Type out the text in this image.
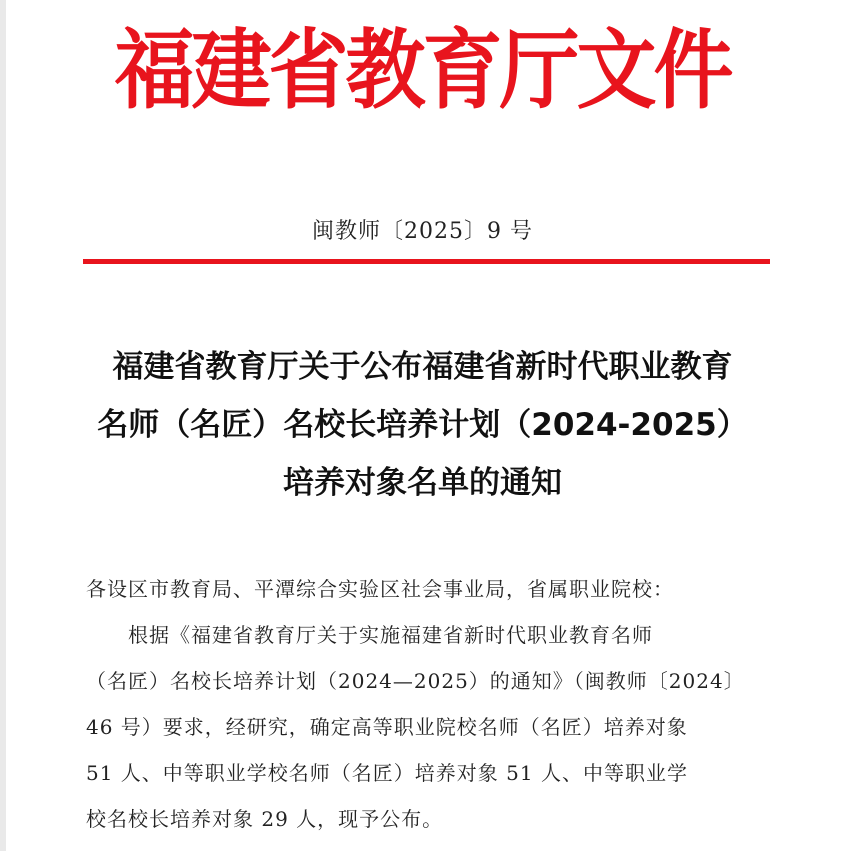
福建省教育厅文件
闽教师〔2025〕9 号
福建省教育厅关于公布福建省新时代职业教育
名师（名匠）名校长培养计划（2024-2025）
培养对象名单的通知
各设区市教育局、平潭综合实验区社会事业局，省属职业院校：
根据《福建省教育厅关于实施福建省新时代职业教育名师
（名匠）名校长培养计划（2024—2025）的通知》（闽教师〔2024〕
46 号）要求，经研究，确定高等职业院校名师（名匠）培养对象
51 人、中等职业学校名师（名匠）培养对象 51 人、中等职业学
校名校长培养对象 29 人，现予公布。
